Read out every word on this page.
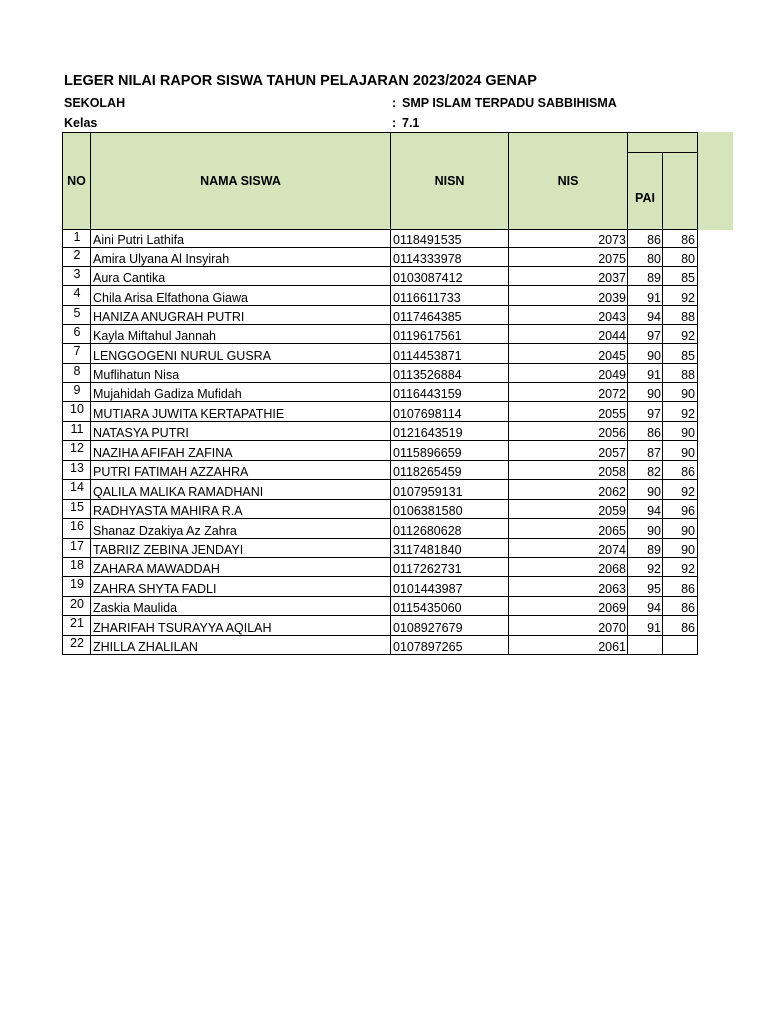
LEGER NILAI RAPOR SISWA TAHUN PELAJARAN 2023/2024 GENAP
SEKOLAH	: SMP ISLAM TERPADU SABBIHISMA
Kelas	: 7.1
NO	NAMA SISWA	NISN	NIS
PAI
1	Aini Putri Lathifa	0118491535	2073	86	86
2	Amira Ulyana Al Insyirah	0114333978	2075	80	80
3	Aura Cantika	0103087412	2037	89	85
4	Chila Arisa Elfathona Giawa	0116611733	2039	91	92
5	HANIZA ANUGRAH PUTRI	0117464385	2043	94	88
6	Kayla Miftahul Jannah	0119617561	2044	97	92
7	LENGGOGENI NURUL GUSRA	0114453871	2045	90	85
8	Muflihatun Nisa	0113526884	2049	91	88
9	Mujahidah Gadiza Mufidah	0116443159	2072	90	90
10 MUTIARA JUWITA KERTAPATHIE	0107698114	2055	97	92
11 NATASYA PUTRI	0121643519	2056	86	90
12 NAZIHA AFIFAH ZAFINA	0115896659	2057	87	90
13 PUTRI FATIMAH AZZAHRA	0118265459	2058	82	86
14 QALILA MALIKA RAMADHANI	0107959131	2062	90	92
15 RADHYASTA MAHIRA R.A	0106381580	2059	94	96
16 Shanaz Dzakiya Az Zahra	0112680628	2065	90	90
17 TABRIIZ ZEBINA JENDAYI	3117481840	2074	89	90
18 ZAHARA MAWADDAH	0117262731	2068	92	92
19 ZAHRA SHYTA FADLI	0101443987	2063	95	86
20 Zaskia Maulida	0115435060	2069	94	86
21 ZHARIFAH TSURAYYA AQILAH	0108927679	2070	91	86
22 ZHILLA ZHALILAN	0107897265	2061
